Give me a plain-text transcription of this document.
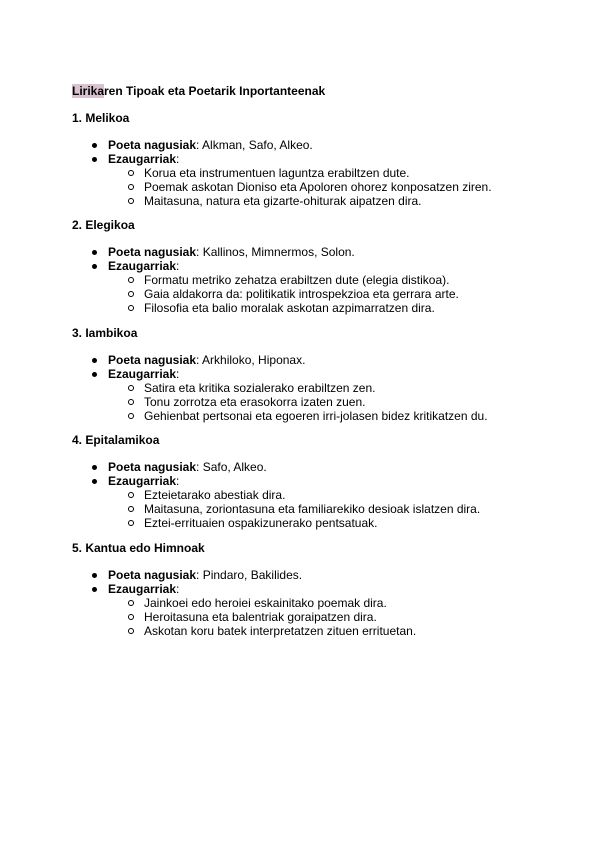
Lirikaren Tipoak eta Poetarik Inportanteenak
1. Melikoa
Poeta nagusiak: Alkman, Safo, Alkeo.
Ezaugarriak:
Korua eta instrumentuen laguntza erabiltzen dute.
Poemak askotan Dioniso eta Apoloren ohorez konposatzen ziren.
Maitasuna, natura eta gizarte-ohiturak aipatzen dira.
2. Elegikoa
Poeta nagusiak: Kallinos, Mimnermos, Solon.
Ezaugarriak:
Formatu metriko zehatza erabiltzen dute (elegia distikoa).
Gaia aldakorra da: politikatik introspekzioa eta gerrara arte.
Filosofia eta balio moralak askotan azpimarratzen dira.
3. Iambikoa
Poeta nagusiak: Arkhiloko, Hiponax.
Ezaugarriak:
Satira eta kritika sozialerako erabiltzen zen.
Tonu zorrotza eta erasokorra izaten zuen.
Gehienbat pertsonai eta egoeren irri-jolasen bidez kritikatzen du.
4. Epitalamikoa
Poeta nagusiak: Safo, Alkeo.
Ezaugarriak:
Ezteietarako abestiak dira.
Maitasuna, zoriontasuna eta familiarekiko desioak islatzen dira.
Eztei-errituaien ospakizunerako pentsatuak.
5. Kantua edo Himnoak
Poeta nagusiak: Pindaro, Bakilides.
Ezaugarriak:
Jainkoei edo heroiei eskainitako poemak dira.
Heroitasuna eta balentriak goraipatzen dira.
Askotan koru batek interpretatzen zituen errituetan.
